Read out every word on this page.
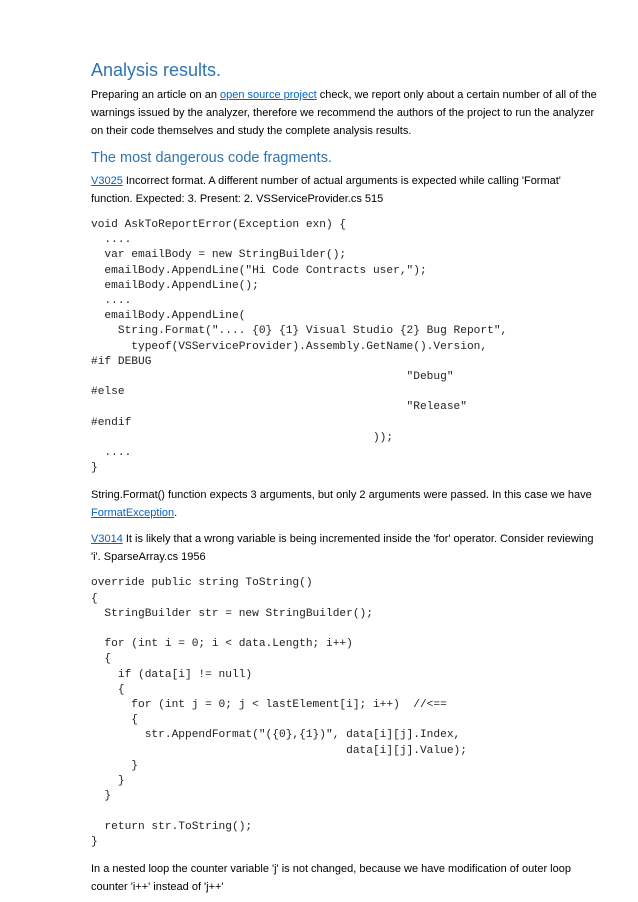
Analysis results.

Preparing an article on an open source project check, we report only about a certain number of all of the warnings issued by the analyzer, therefore we recommend the authors of the project to run the analyzer on their code themselves and study the complete analysis results.

The most dangerous code fragments.

V3025 Incorrect format. A different number of actual arguments is expected while calling 'Format' function. Expected: 3. Present: 2. VSServiceProvider.cs 515

void AskToReportError(Exception exn) {
....
var emailBody = new StringBuilder();
emailBody.AppendLine("Hi Code Contracts user,");
emailBody.AppendLine();
....
emailBody.AppendLine(
String.Format(".... {0} {1} Visual Studio {2} Bug Report",
typeof(VSServiceProvider).Assembly.GetName().Version,
#if DEBUG
"Debug"
#else
"Release"
#endif
));
....
}

String.Format() function expects 3 arguments, but only 2 arguments were passed. In this case we have FormatException.

V3014 It is likely that a wrong variable is being incremented inside the 'for' operator. Consider reviewing 'i'. SparseArray.cs 1956

override public string ToString()
{
StringBuilder str = new StringBuilder();

for (int i = 0; i < data.Length; i++)
{
if (data[i] != null)
{
for (int j = 0; j < lastElement[i]; i++)  //<==
{
str.AppendFormat("({0},{1})", data[i][j].Index,
data[i][j].Value);
}
}
}

return str.ToString();
}

In a nested loop the counter variable 'j' is not changed, because we have modification of outer loop counter 'i++' instead of 'j++'
